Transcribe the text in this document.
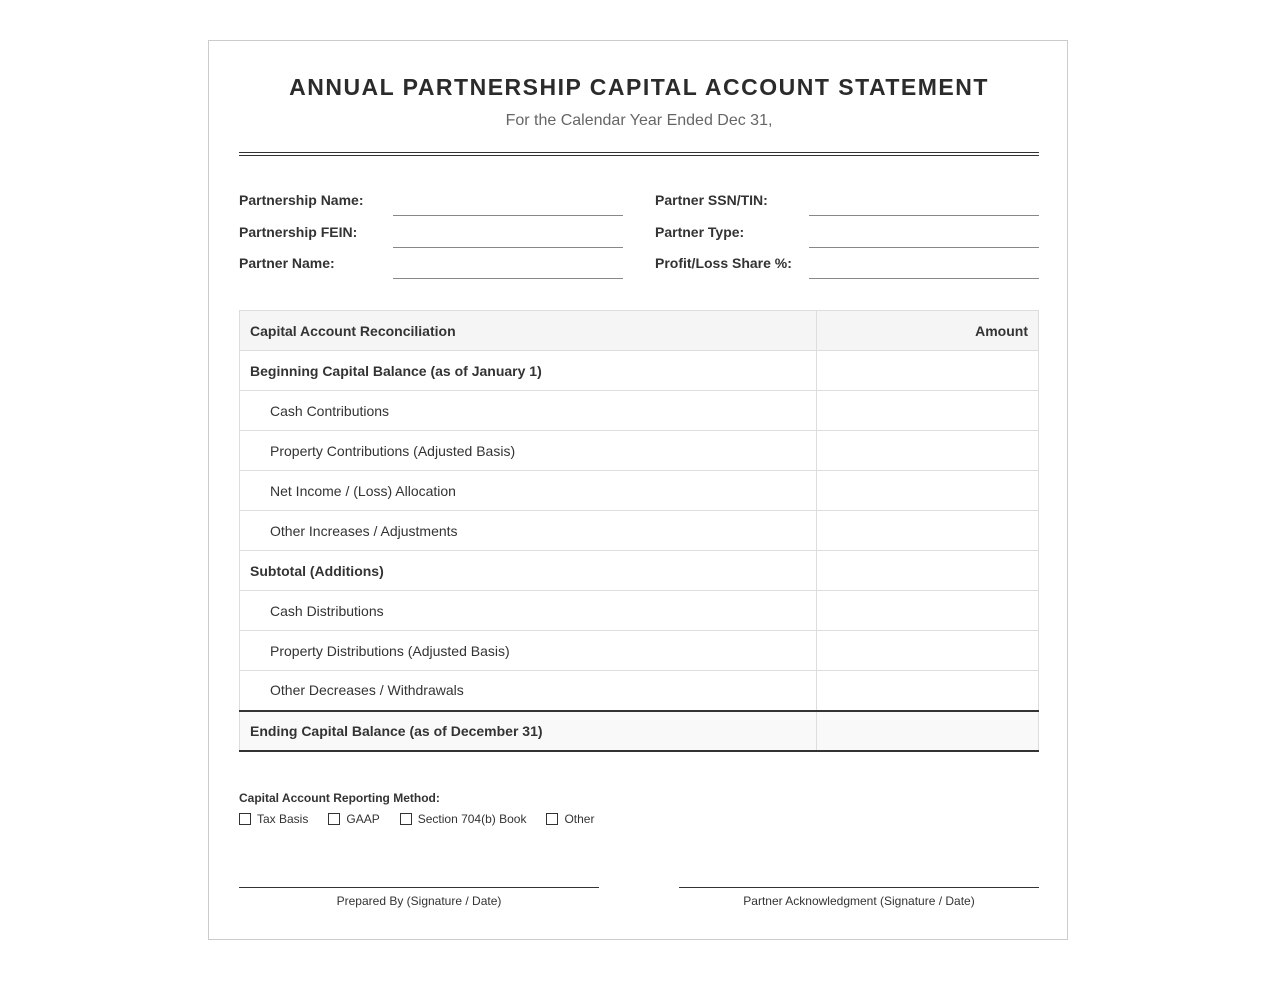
ANNUAL PARTNERSHIP CAPITAL ACCOUNT STATEMENT
For the Calendar Year Ended Dec 31,
Partnership Name:
Partnership FEIN:
Partner Name:
Partner SSN/TIN:
Partner Type:
Profit/Loss Share %:
Capital Account Reconciliation	Amount
Beginning Capital Balance (as of January 1)	
Cash Contributions	
Property Contributions (Adjusted Basis)	
Net Income / (Loss) Allocation	
Other Increases / Adjustments	
Subtotal (Additions)	
Cash Distributions	
Property Distributions (Adjusted Basis)	
Other Decreases / Withdrawals	
Ending Capital Balance (as of December 31)	
Capital Account Reporting Method:
Tax Basis	GAAP	Section 704(b) Book	Other
Prepared By (Signature / Date)	Partner Acknowledgment (Signature / Date)
